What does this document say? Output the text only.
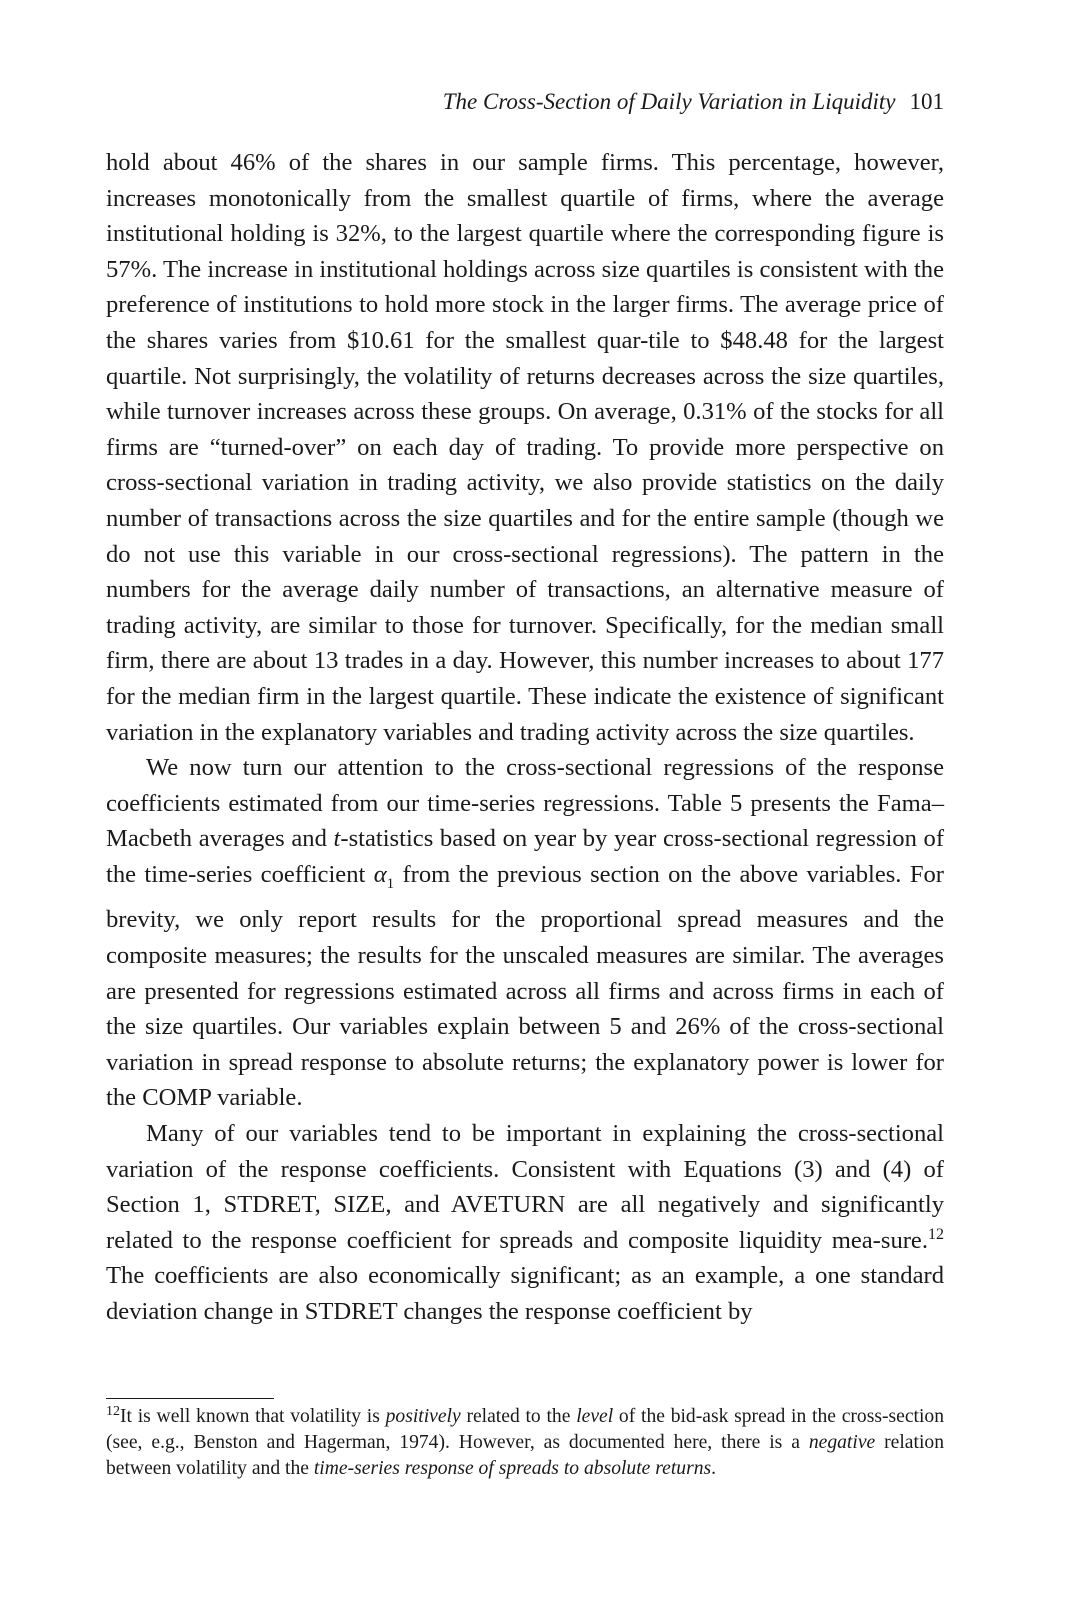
The Cross-Section of Daily Variation in Liquidity 101

hold about 46% of the shares in our sample firms. This percentage, however, increases monotonically from the smallest quartile of firms, where the average institutional holding is 32%, to the largest quartile where the corresponding figure is 57%. The increase in institutional holdings across size quartiles is consistent with the preference of institutions to hold more stock in the larger firms. The average price of the shares varies from $10.61 for the smallest quar-tile to $48.48 for the largest quartile. Not surprisingly, the volatility of returns decreases across the size quartiles, while turnover increases across these groups. On average, 0.31% of the stocks for all firms are “turned-over” on each day of trading. To provide more perspective on cross-sectional variation in trading activity, we also provide statistics on the daily number of transactions across the size quartiles and for the entire sample (though we do not use this variable in our cross-sectional regressions). The pattern in the numbers for the average daily number of transactions, an alternative measure of trading activity, are similar to those for turnover. Specifically, for the median small firm, there are about 13 trades in a day. However, this number increases to about 177 for the median firm in the largest quartile. These indicate the existence of significant variation in the explanatory variables and trading activity across the size quartiles.

We now turn our attention to the cross-sectional regressions of the response coefficients estimated from our time-series regressions. Table 5 presents the Fama–Macbeth averages and t-statistics based on year by year cross-sectional regression of the time-series coefficient $\alpha_1$ from the previous section on the above variables. For brevity, we only report results for the proportional spread measures and the composite measures; the results for the unscaled measures are similar. The averages are presented for regressions estimated across all firms and across firms in each of the size quartiles. Our variables explain between 5 and 26% of the cross-sectional variation in spread response to absolute returns; the explanatory power is lower for the COMP variable.

Many of our variables tend to be important in explaining the cross-sectional variation of the response coefficients. Consistent with Equations (3) and (4) of Section 1, STDRET, SIZE, and AVETURN are all negatively and significantly related to the response coefficient for spreads and composite liquidity mea-sure.$^{12}$ The coefficients are also economically significant; as an example, a one standard deviation change in STDRET changes the response coefficient by

$^{12}$It is well known that volatility is positively related to the level of the bid-ask spread in the cross-section (see, e.g., Benston and Hagerman, 1974). However, as documented here, there is a negative relation between volatility and the time-series response of spreads to absolute returns.
